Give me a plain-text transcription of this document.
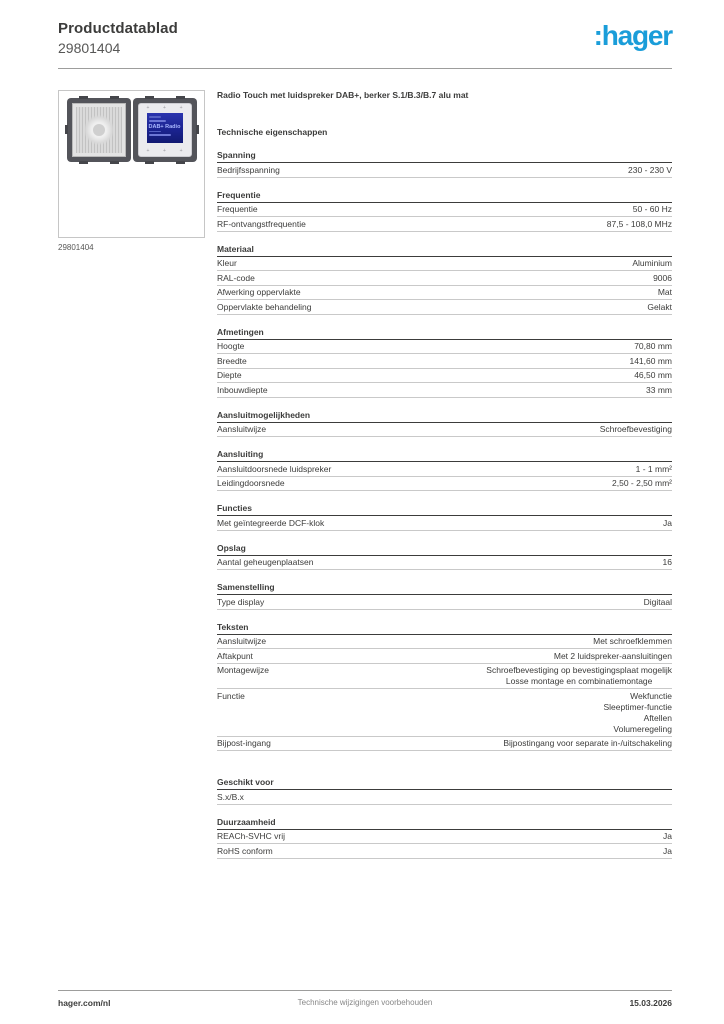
Productdatablad
29801404	:hager
+	+	+
DAB+ Radio
+	+	+
29801404
Radio Touch met luidspreker DAB+, berker S.1/B.3/B.7 alu mat
Technische eigenschappen
Spanning
Bedrijfsspanning	230 - 230 V
Frequentie
Frequentie	50 - 60 Hz
RF-ontvangstfrequentie	87,5 - 108,0 MHz
Materiaal
Kleur	Aluminium
RAL-code	9006
Afwerking oppervlakte	Mat
Oppervlakte behandeling	Gelakt
Afmetingen
Hoogte	70,80 mm
Breedte	141,60 mm
Diepte	46,50 mm
Inbouwdiepte	33 mm
Aansluitmogelijkheden
Aansluitwijze	Schroefbevestiging
Aansluiting
Aansluitdoorsnede luidspreker	1 - 1 mm²
Leidingdoorsnede	2,50 - 2,50 mm²
Functies
Met geïntegreerde DCF-klok	Ja
Opslag
Aantal geheugenplaatsen	16
Samenstelling
Type display	Digitaal
Teksten
Aansluitwijze	Met schroefklemmen
Aftakpunt	Met 2 luidspreker-aansluitingen
Montagewijze	Schroefbevestiging op bevestigingsplaat mogelijk
Losse montage en combinatiemontage
Functie	Wekfunctie
Sleeptimer-functie
Aftellen
Volumeregeling
Bijpost-ingang	Bijpostingang voor separate in-/uitschakeling
Geschikt voor
S.x/B.x
Duurzaamheid
REACh-SVHC vrij	Ja
RoHS conform	Ja
hager.com/nl	Technische wijzigingen voorbehouden	15.03.2026
